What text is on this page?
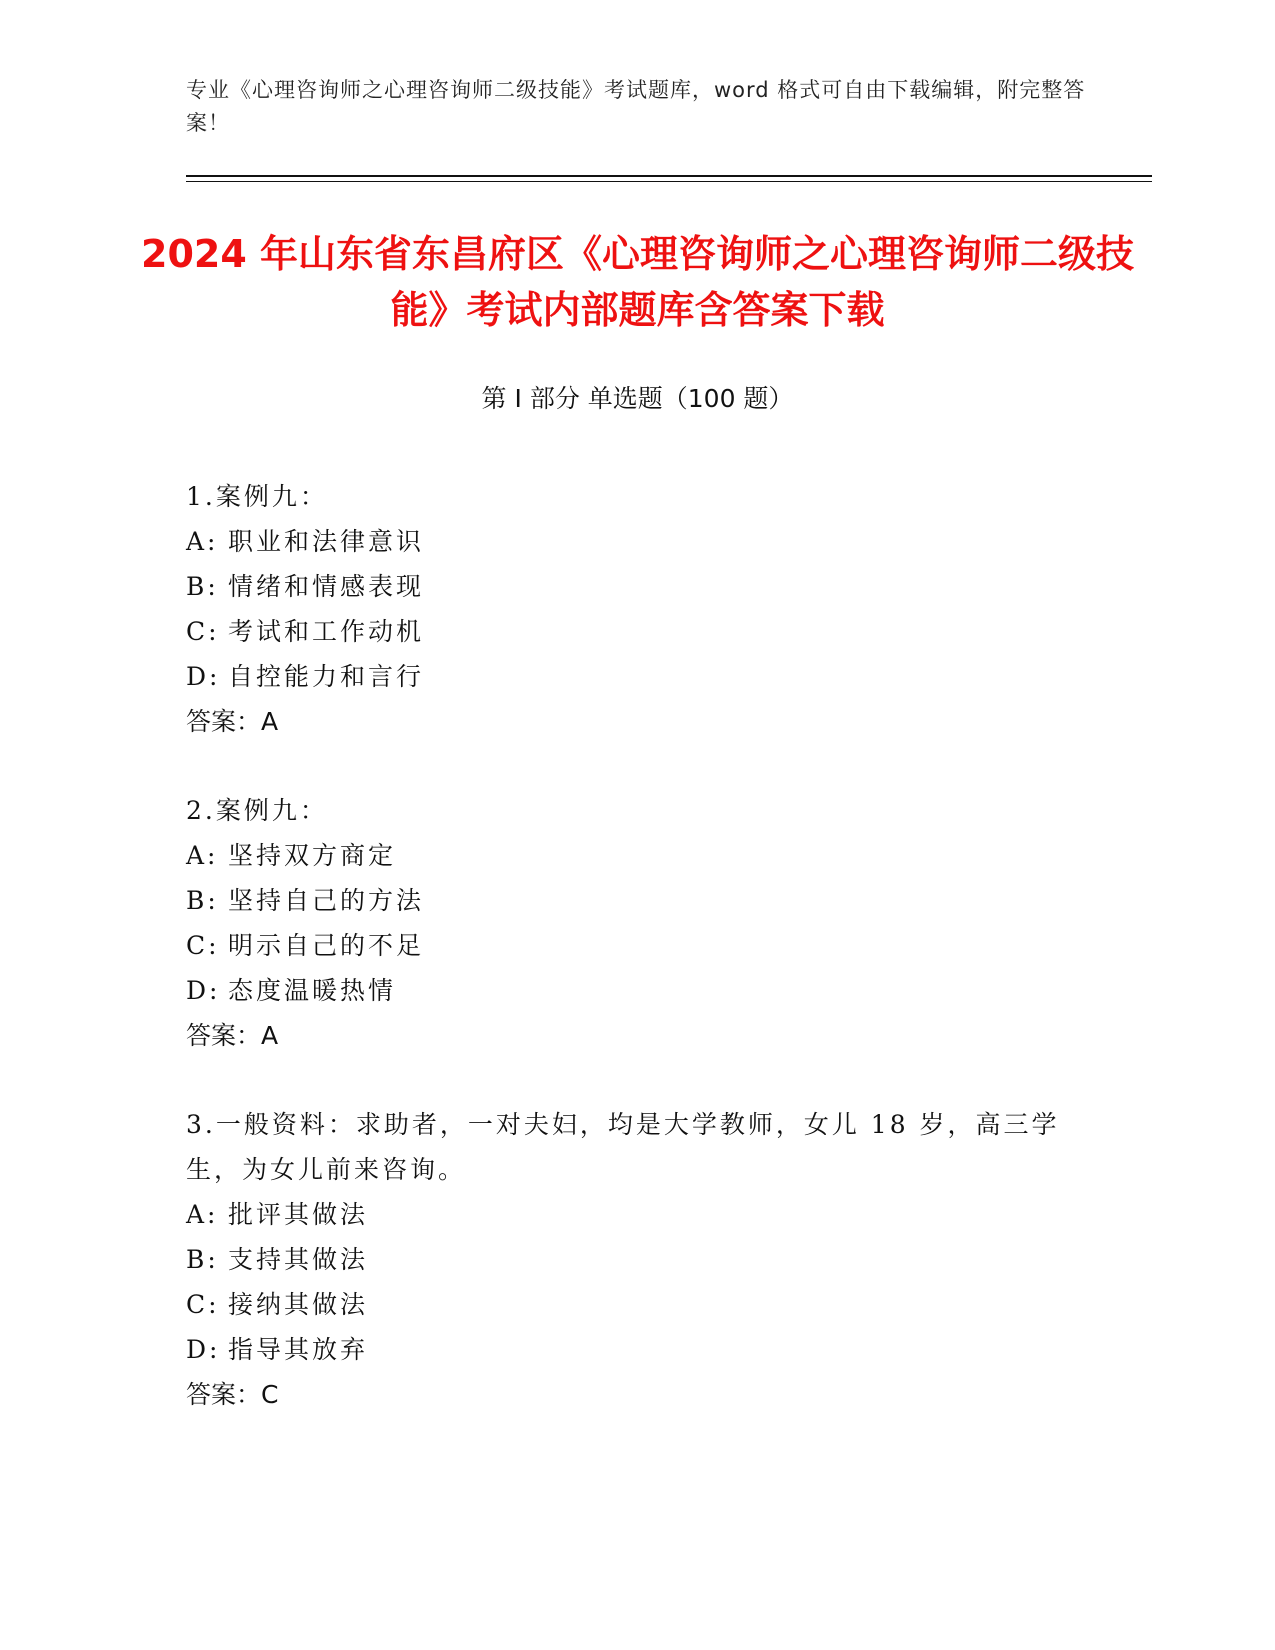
专业《心理咨询师之心理咨询师二级技能》考试题库，word 格式可自由下载编辑，附完整答案！
2024 年山东省东昌府区《心理咨询师之心理咨询师二级技能》考试内部题库含答案下载
第 I 部分 单选题（100 题）
1.案例九：
A: 职业和法律意识
B: 情绪和情感表现
C: 考试和工作动机
D: 自控能力和言行
答案：A
2.案例九：
A: 坚持双方商定
B: 坚持自己的方法
C: 明示自己的不足
D: 态度温暖热情
答案：A
3.一般资料：求助者，一对夫妇，均是大学教师，女儿 18 岁，高三学生，为女儿前来咨询。
A: 批评其做法
B: 支持其做法
C: 接纳其做法
D: 指导其放弃
答案：C
